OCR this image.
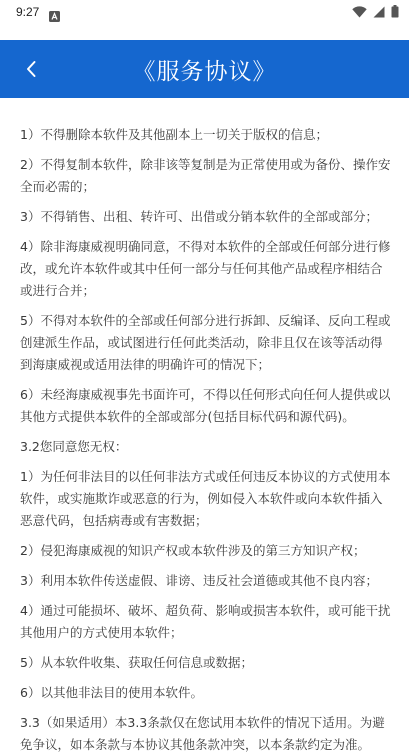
9:27
《服务协议》

1）不得删除本软件及其他副本上一切关于版权的信息；

2）不得复制本软件，除非该等复制是为正常使用或为备份、操作安全而必需的；

3）不得销售、出租、转许可、出借或分销本软件的全部或部分；

4）除非海康威视明确同意，不得对本软件的全部或任何部分进行修改，或允许本软件或其中任何一部分与任何其他产品或程序相结合或进行合并；

5）不得对本软件的全部或任何部分进行拆卸、反编译、反向工程或创建派生作品，或试图进行任何此类活动，除非且仅在该等活动得到海康威视或适用法律的明确许可的情况下；

6）未经海康威视事先书面许可，不得以任何形式向任何人提供或以其他方式提供本软件的全部或部分(包括目标代码和源代码)。

3.2您同意您无权：

1）为任何非法目的以任何非法方式或任何违反本协议的方式使用本软件，或实施欺诈或恶意的行为，例如侵入本软件或向本软件插入恶意代码，包括病毒或有害数据；

2）侵犯海康威视的知识产权或本软件涉及的第三方知识产权；

3）利用本软件传送虚假、诽谤、违反社会道德或其他不良内容；

4）通过可能损坏、破坏、超负荷、影响或损害本软件，或可能干扰其他用户的方式使用本软件；

5）从本软件收集、获取任何信息或数据；

6）以其他非法目的使用本软件。

3.3（如果适用）本3.3条款仅在您试用本软件的情况下适用。为避免争议，如本条款与本协议其他条款冲突，以本条款约定为准。
